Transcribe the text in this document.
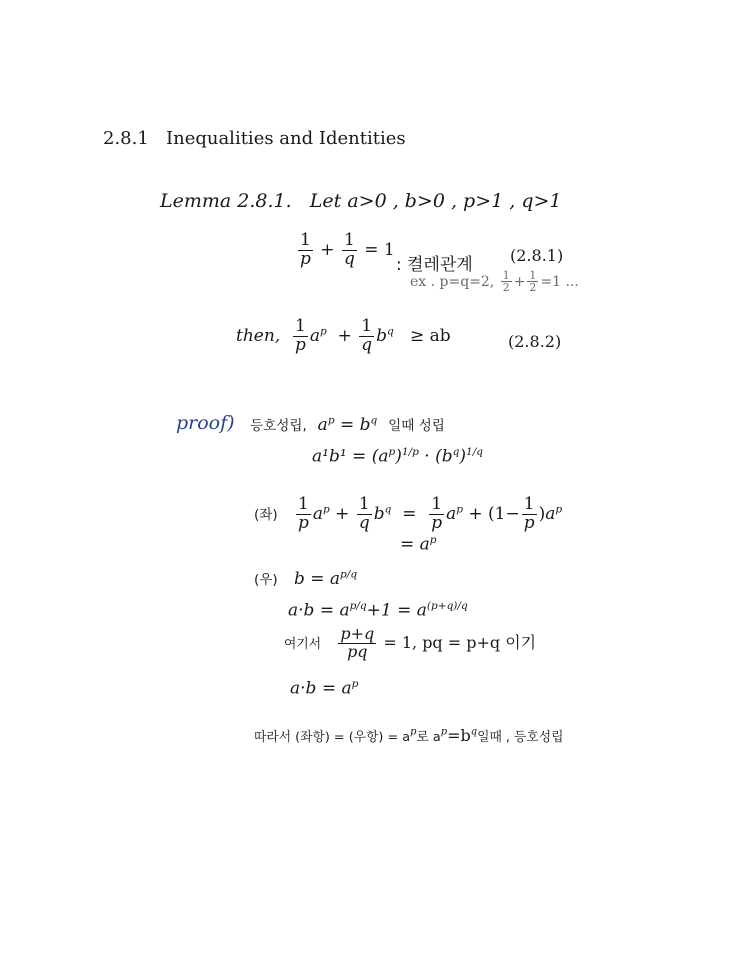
2.8.1 Inequalities and Identities
Lemma 2.8.1. Let a>0 , b>0 , p>1 , q>1
$\frac{1}{p} + \frac{1}{q} = 1$
: 켤레관계 (2.8.1)
ex . p=q=2, $\frac{1}{2} + \frac{1}{2} =1$ ...
then, $\frac{1}{p} a^p + \frac{1}{q} b^q$ ≥ ab	(2.8.2)
proof) 등호성립, $a^p = b^q$ 일때 성립
$a^1b^1 = (a^p)^{1/p} \cdot (b^q)^{1/q}$
(좌) $\frac{1}{p} a^p + \frac{1}{q} b^q = \frac{1}{p} a^p + (1- \frac{1}{p} )a^p$
= $a^p$
(우) $b = a^{p/q}$
$a\cdot b = a^{p/q}+1 = a^{(p+q)/q}$
여기서 $\frac{p+q}{pq} = 1$, pq = p+q 이기
$a\cdot b = a^p$
따라서 (좌항) = (우항) = $a^p$로 $a^p=b^q$일때 , 등호성립
